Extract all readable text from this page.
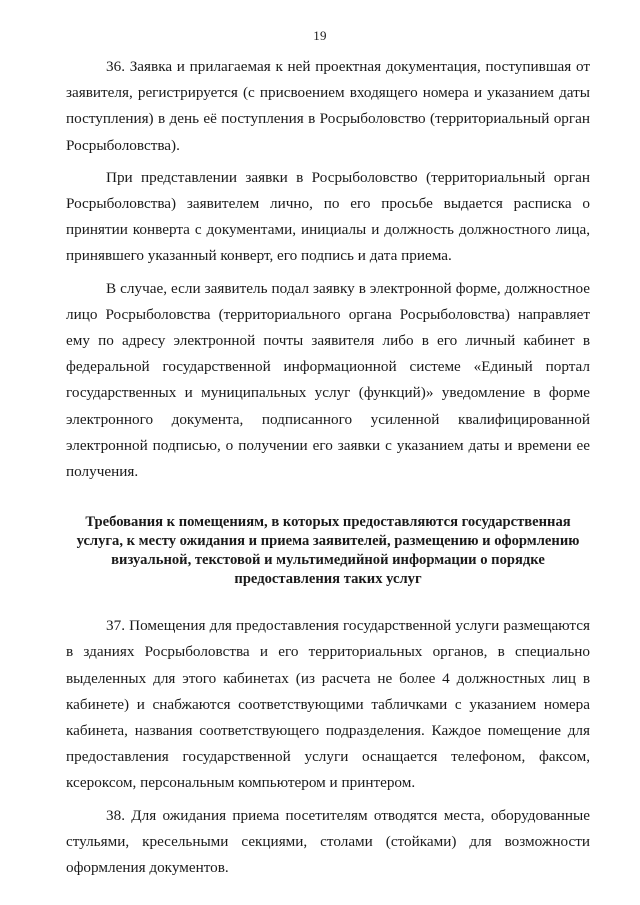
19

36. Заявка и прилагаемая к ней проектная документация, поступившая от заявителя, регистрируется (с присвоением входящего номера и указанием даты поступления) в день её поступления в Росрыболовство (территориальный орган Росрыболовства).

При представлении заявки в Росрыболовство (территориальный орган Росрыболовства) заявителем лично, по его просьбе выдается расписка о принятии конверта с документами, инициалы и должность должностного лица, принявшего указанный конверт, его подпись и дата приема.

В случае, если заявитель подал заявку в электронной форме, должностное лицо Росрыболовства (территориального органа Росрыболовства) направляет ему по адресу электронной почты заявителя либо в его личный кабинет в федеральной государственной информационной системе «Единый портал государственных и муниципальных услуг (функций)» уведомление в форме электронного документа, подписанного усиленной квалифицированной электронной подписью, о получении его заявки с указанием даты и времени ее получения.

Требования к помещениям, в которых предоставляются государственная услуга, к месту ожидания и приема заявителей, размещению и оформлению визуальной, текстовой и мультимедийной информации о порядке предоставления таких услуг

37. Помещения для предоставления государственной услуги размещаются в зданиях Росрыболовства и его территориальных органов, в специально выделенных для этого кабинетах (из расчета не более 4 должностных лиц в кабинете) и снабжаются соответствующими табличками с указанием номера кабинета, названия соответствующего подразделения. Каждое помещение для предоставления государственной услуги оснащается телефоном, факсом, ксероксом, персональным компьютером и принтером.

38. Для ожидания приема посетителям отводятся места, оборудованные стульями, кресельными секциями, столами (стойками) для возможности оформления документов.
